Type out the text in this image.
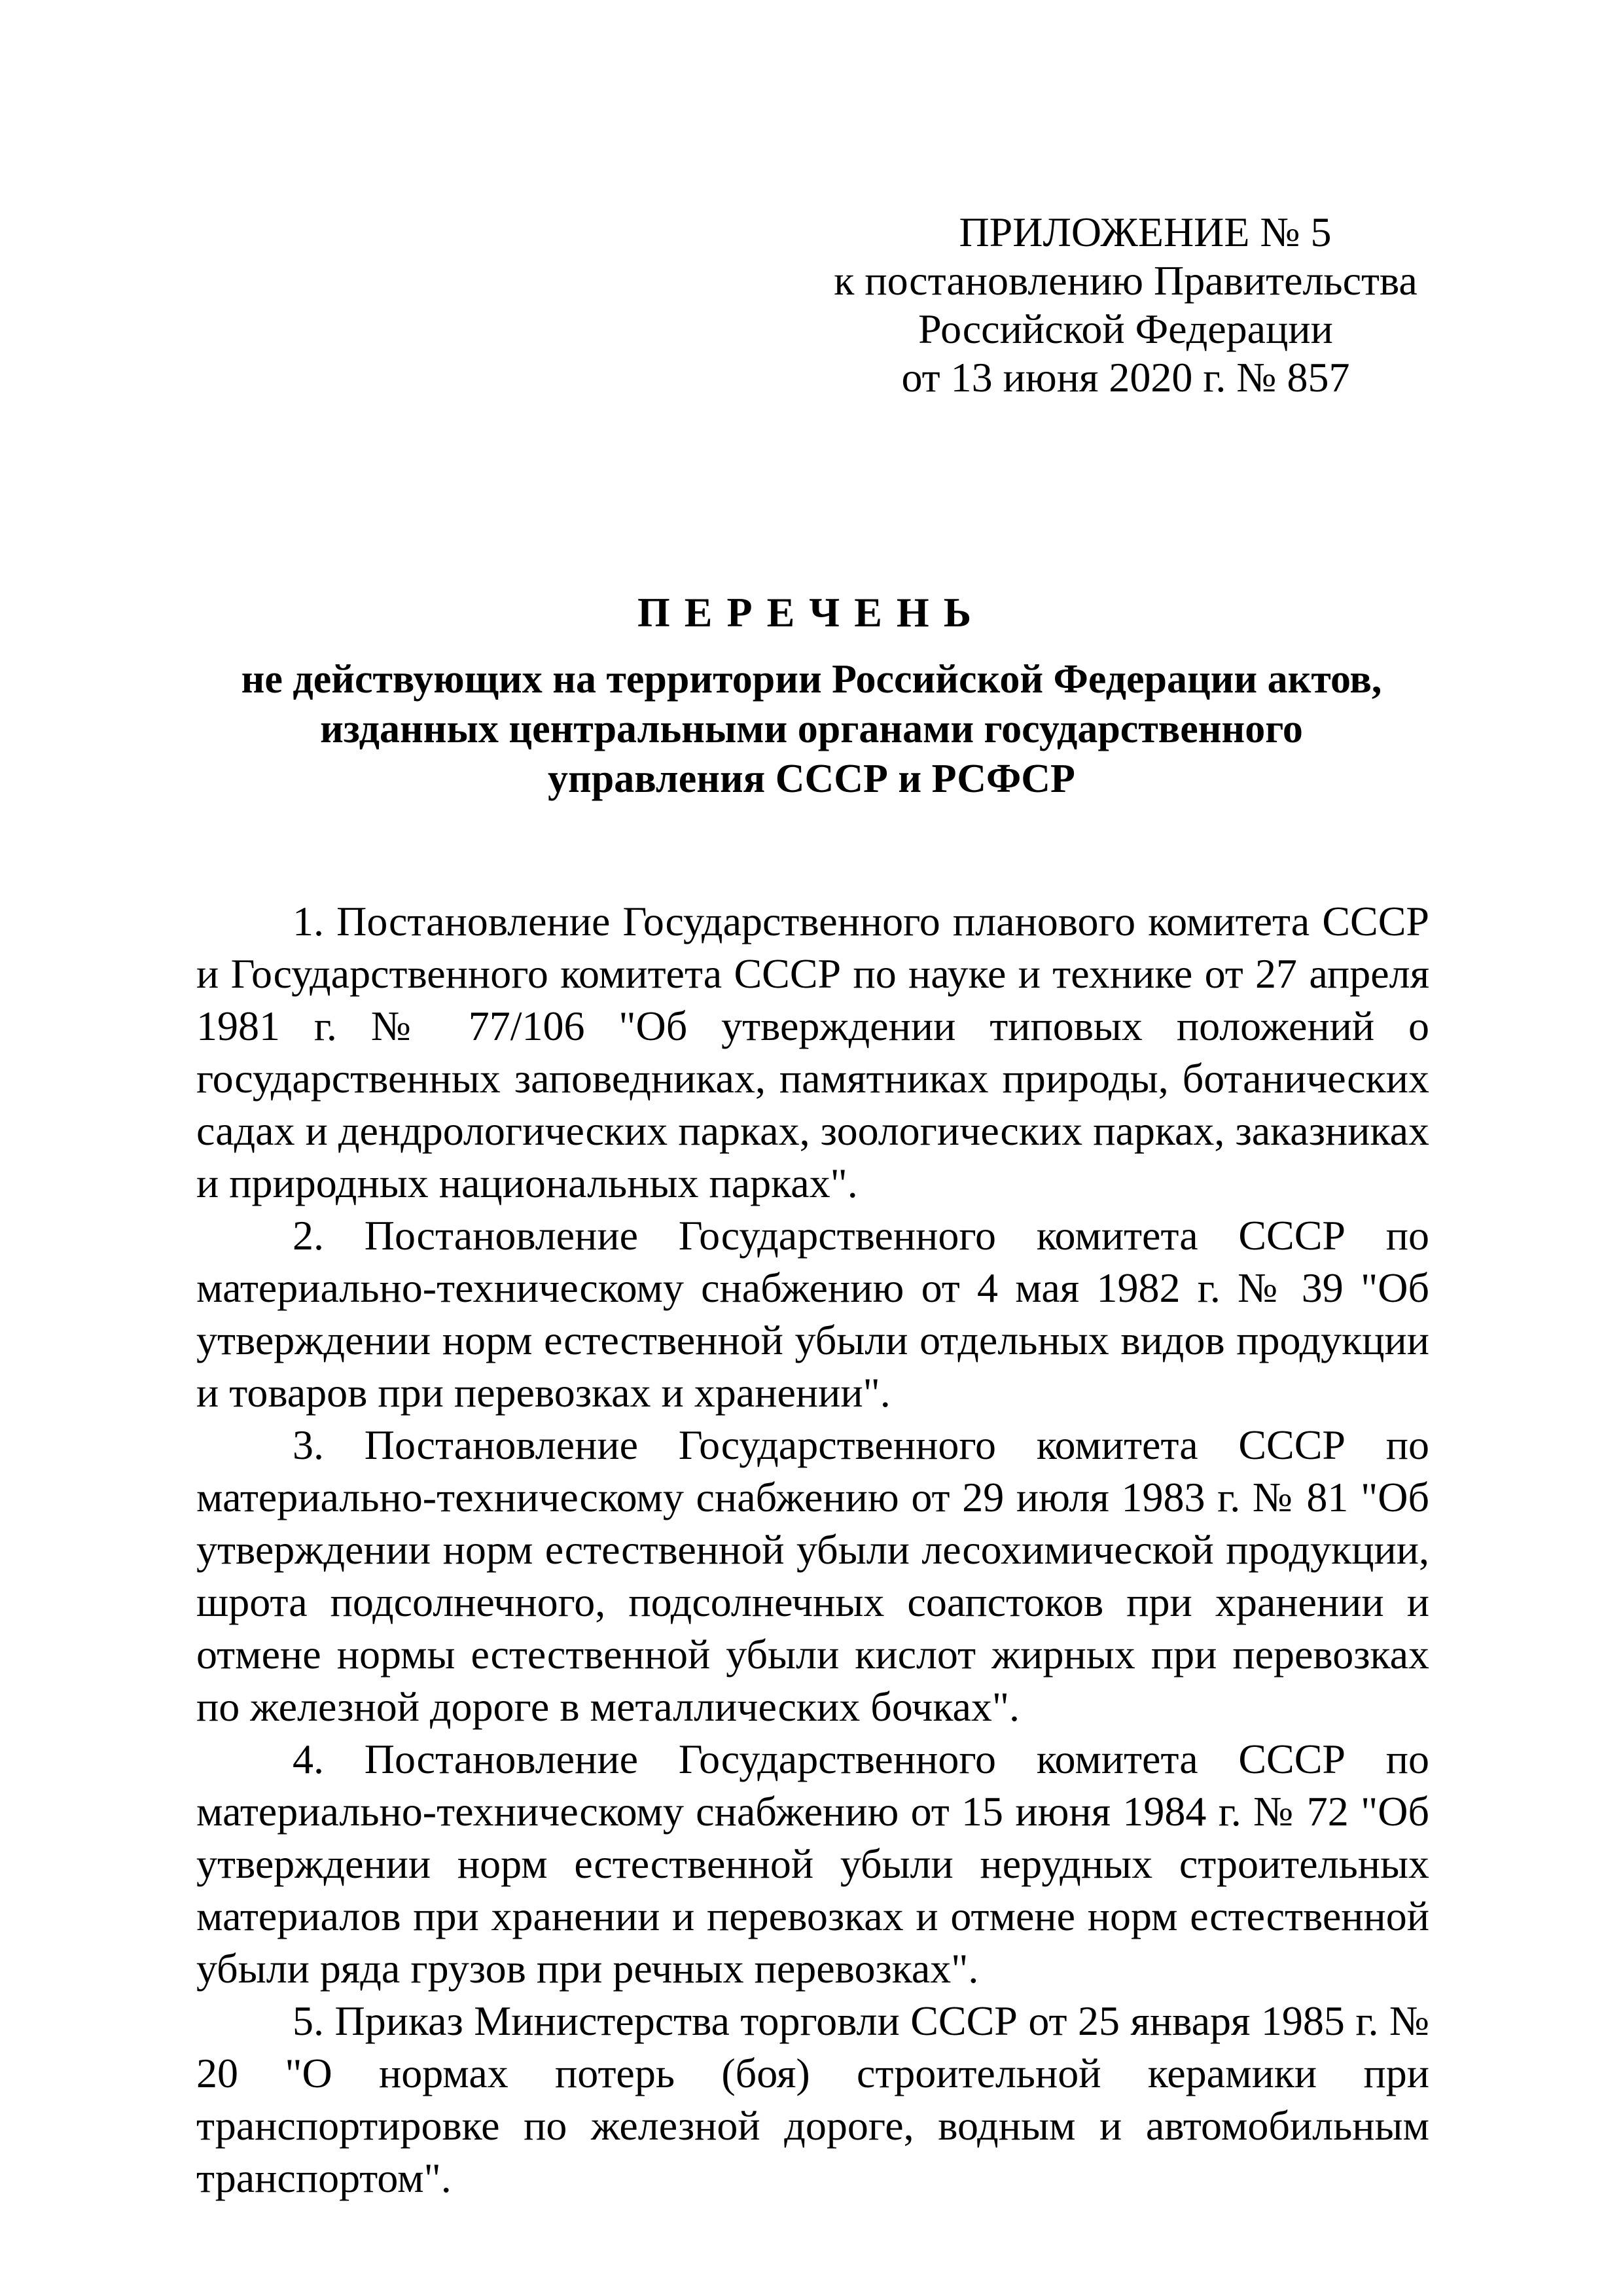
ПРИЛОЖЕНИЕ № 5
к постановлению Правительства
Российской Федерации
от 13 июня 2020 г. № 857
ПЕРЕЧЕНЬ
не действующих на территории Российской Федерации актов,
изданных центральными органами государственного
управления СССР и РСФСР

1. Постановление Государственного планового комитета СССР и Государственного комитета СССР по науке и технике от 27 апреля 1981 г. № 77/106 "Об утверждении типовых положений о государственных заповедниках, памятниках природы, ботанических садах и дендрологических парках, зоологических парках, заказниках и природных национальных парках".

2. Постановление Государственного комитета СССР по материально-техническому снабжению от 4 мая 1982 г. № 39 "Об утверждении норм естественной убыли отдельных видов продукции и товаров при перевозках и хранении".

3. Постановление Государственного комитета СССР по материально-техническому снабжению от 29 июля 1983 г. № 81 "Об утверждении норм естественной убыли лесохимической продукции, шрота подсолнечного, подсолнечных соапстоков при хранении и отмене нормы естественной убыли кислот жирных при перевозках по железной дороге в металлических бочках".

4. Постановление Государственного комитета СССР по материально-техническому снабжению от 15 июня 1984 г. № 72 "Об утверждении норм естественной убыли нерудных строительных материалов при хранении и перевозках и отмене норм естественной убыли ряда грузов при речных перевозках".

5. Приказ Министерства торговли СССР от 25 января 1985 г. № 20 "О нормах потерь (боя) строительной керамики при транспортировке по железной дороге, водным и автомобильным транспортом".
